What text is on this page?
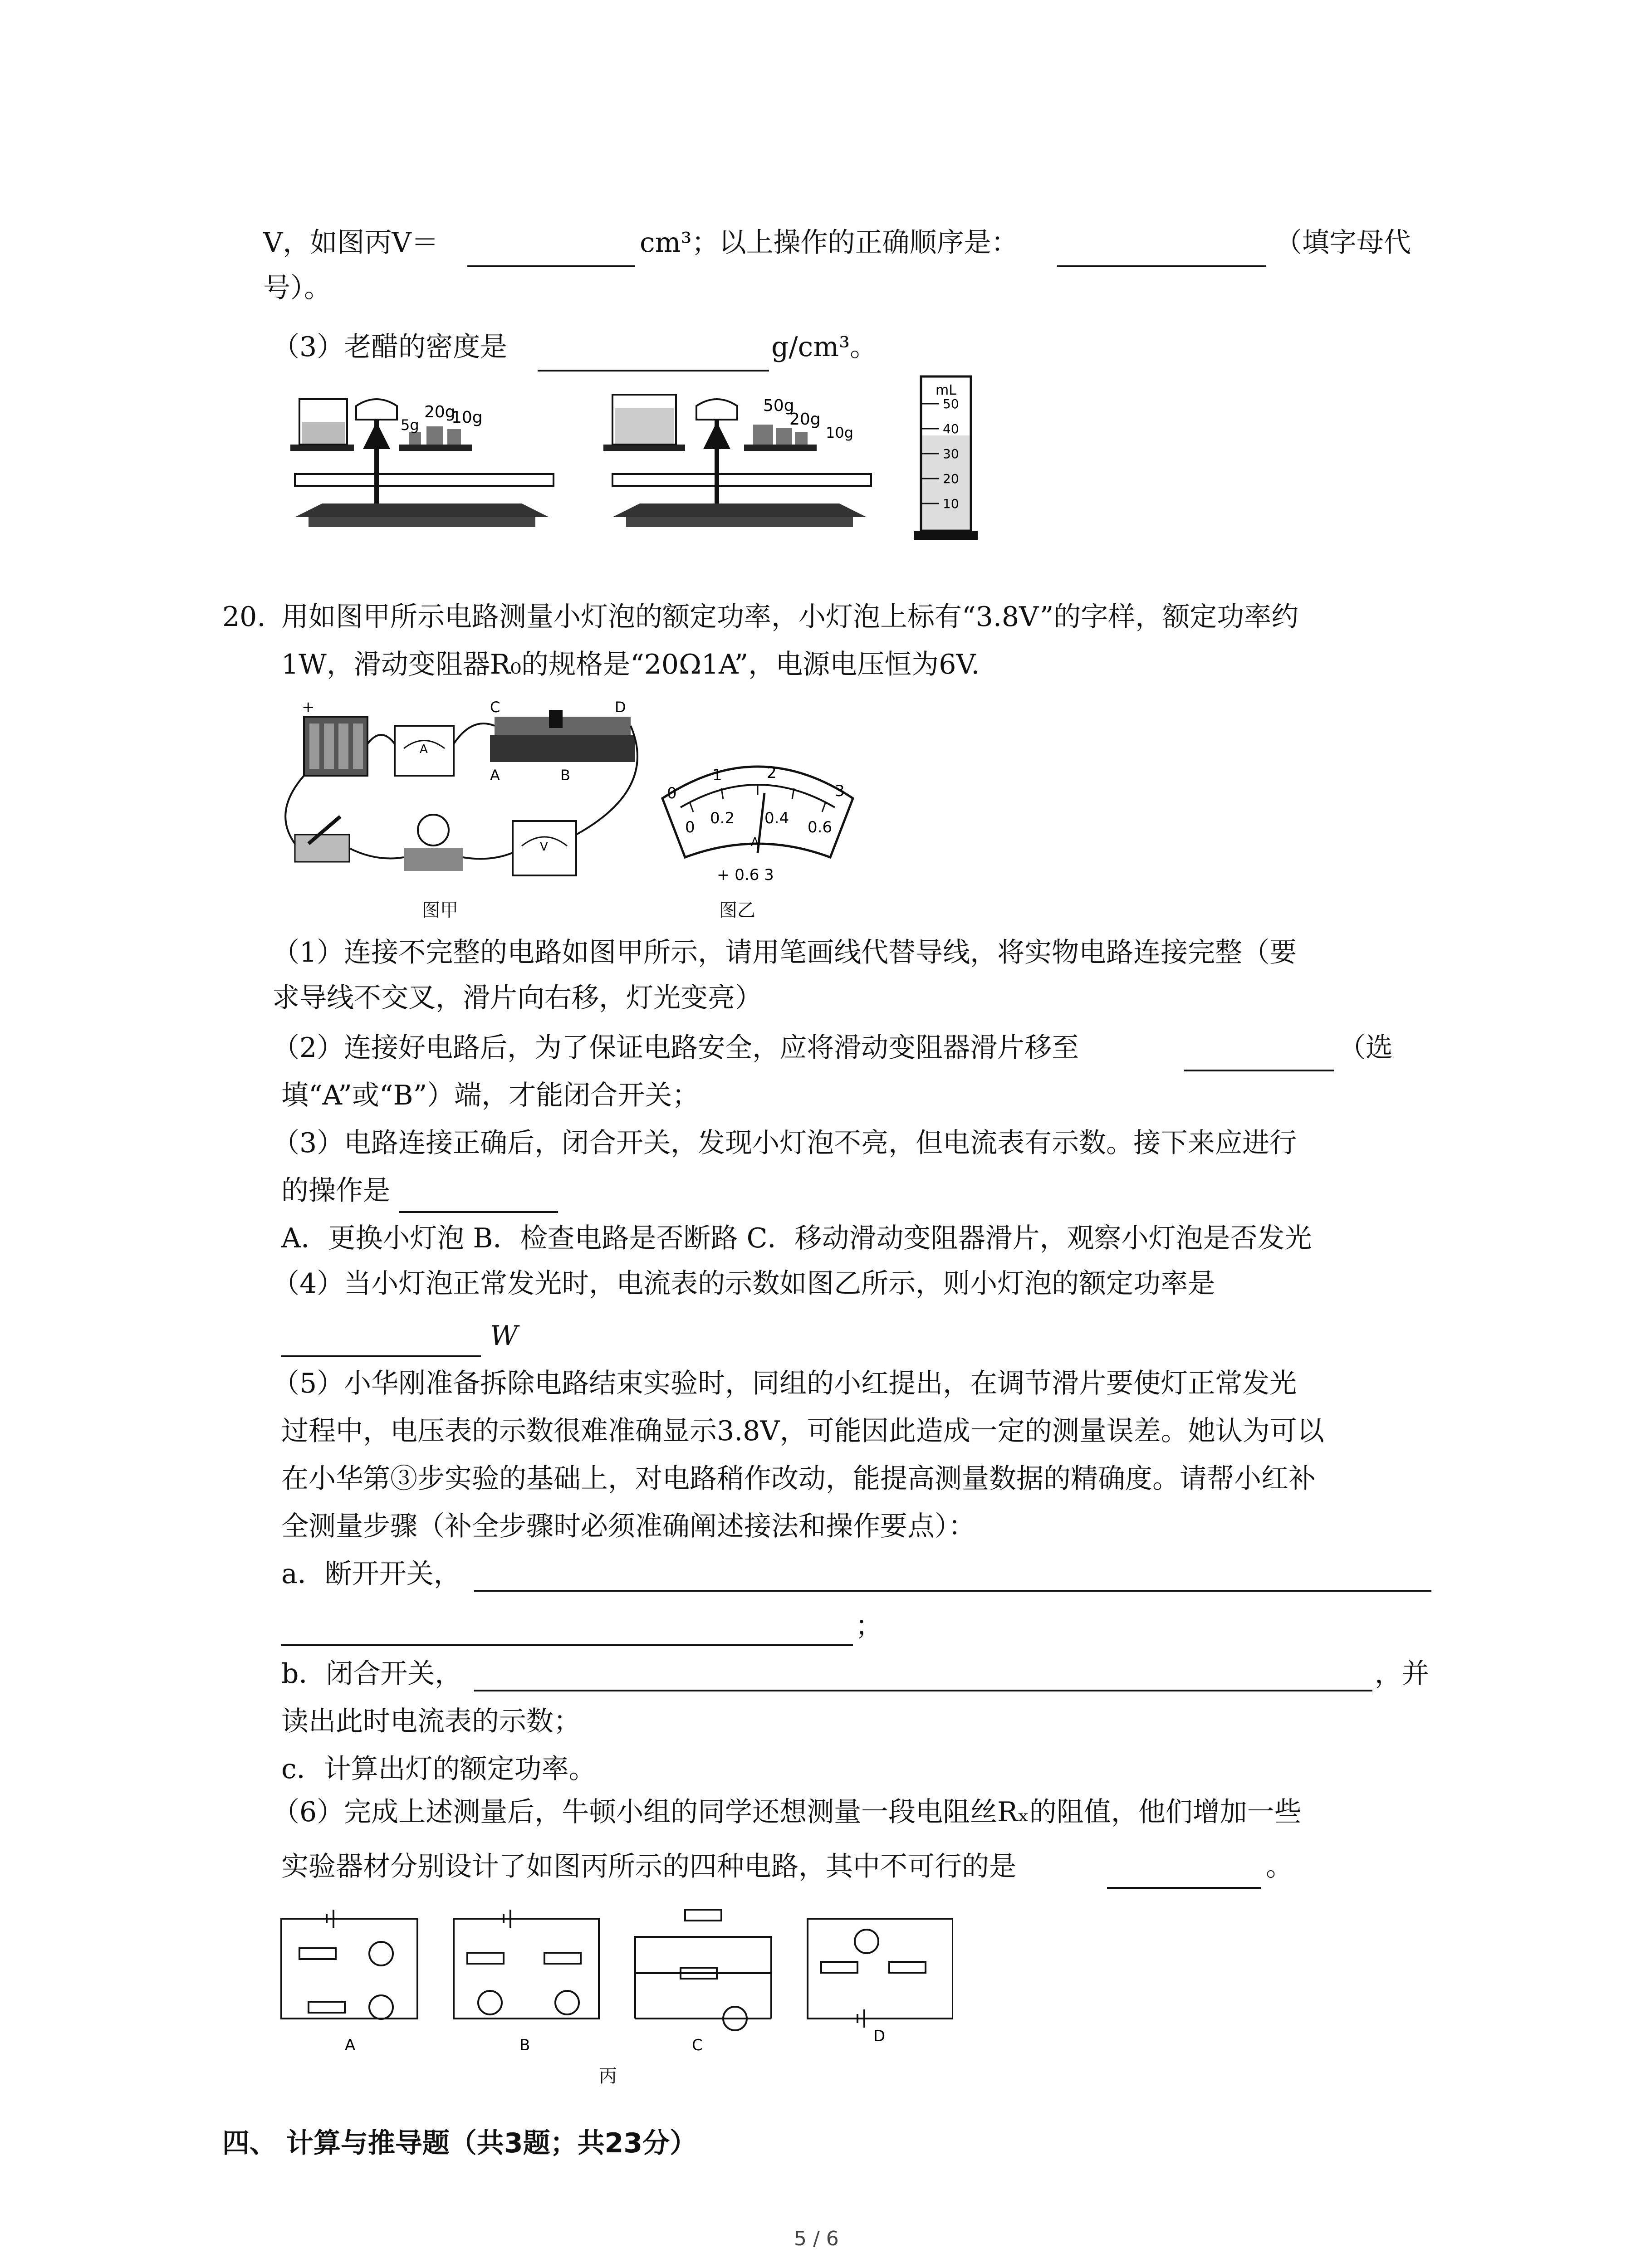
V，如图丙V＝	cm³；以上操作的正确顺序是：	（填字母代
号）。
（3）老醋的密度是	g/cm³。
20g
10g
5g
50g
20g
10g
mL
50
40
30
20
10
20. 用如图甲所示电路测量小灯泡的额定功率，小灯泡上标有“3.8V”的字样，额定功率约
1W，滑动变阻器R₀的规格是“20Ω1A”，电源电压恒为6V.
+
A
C	D
A	B
V
图甲
0
1	2
3
0 0.2 0.4 0.6
A
+ 0.6 3
图乙
（1）连接不完整的电路如图甲所示，请用笔画线代替导线，将实物电路连接完整（要
求导线不交叉，滑片向右移，灯光变亮）
（2）连接好电路后，为了保证电路安全，应将滑动变阻器滑片移至	（选
填“A”或“B”）端，才能闭合开关；
（3）电路连接正确后，闭合开关，发现小灯泡不亮，但电流表有示数。接下来应进行
的操作是
A．更换小灯泡 B．检查电路是否断路 C．移动滑动变阻器滑片，观察小灯泡是否发光
（4）当小灯泡正常发光时，电流表的示数如图乙所示，则小灯泡的额定功率是
W
（5）小华刚准备拆除电路结束实验时，同组的小红提出，在调节滑片要使灯正常发光
过程中，电压表的示数很难准确显示3.8V，可能因此造成一定的测量误差。她认为可以
在小华第③步实验的基础上，对电路稍作改动，能提高测量数据的精确度。请帮小红补
全测量步骤（补全步骤时必须准确阐述接法和操作要点）：
a．断开开关，
；
b．闭合开关，	，并
读出此时电流表的示数；
c．计算出灯的额定功率。
（6）完成上述测量后，牛顿小组的同学还想测量一段电阻丝Rₓ的阻值，他们增加一些
实验器材分别设计了如图丙所示的四种电路，其中不可行的是	。
A	B	C	D
丙
四、 计算与推导题（共3题；共23分）
5 / 6
